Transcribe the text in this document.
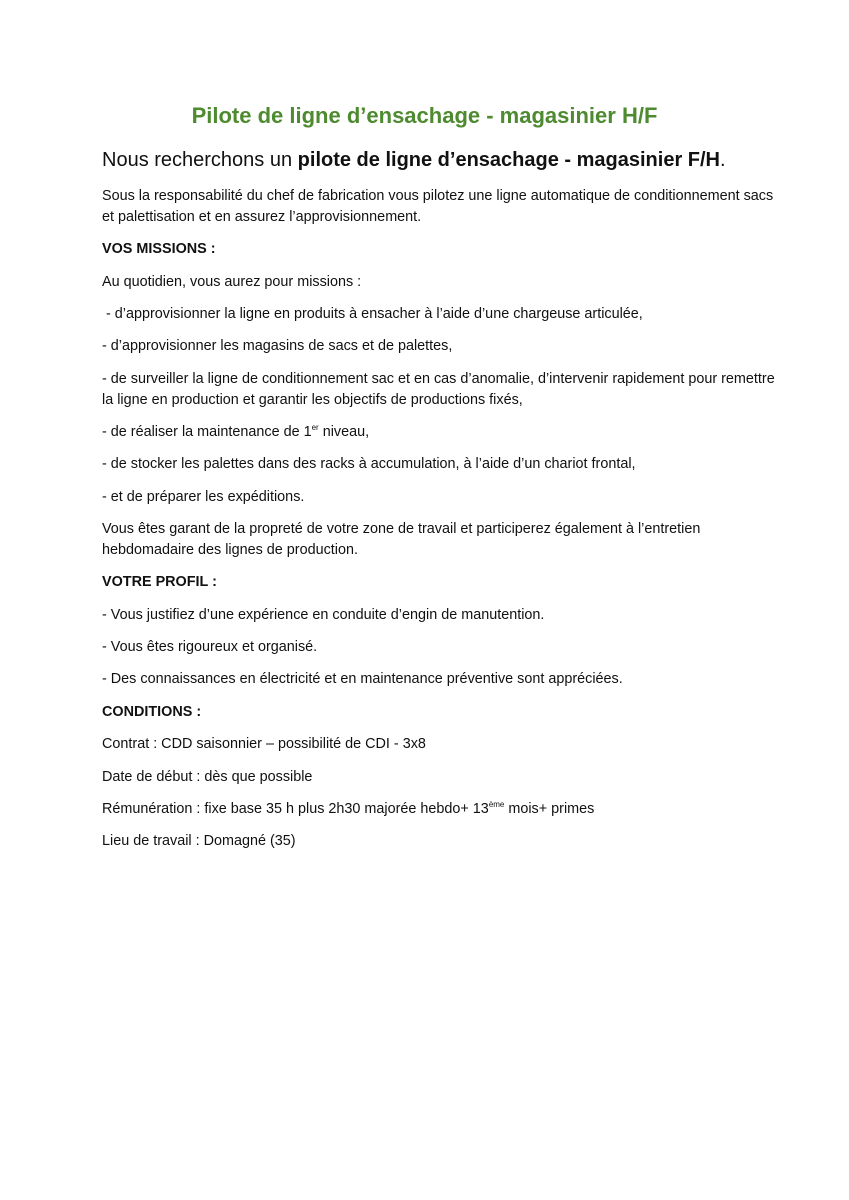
Pilote de ligne d’ensachage - magasinier H/F
Nous recherchons un pilote de ligne d’ensachage - magasinier F/H.

Sous la responsabilité du chef de fabrication vous pilotez une ligne automatique de conditionnement sacs et palettisation et en assurez l’approvisionnement.

VOS MISSIONS :

Au quotidien, vous aurez pour missions :

- d’approvisionner la ligne en produits à ensacher à l’aide d’une chargeuse articulée,

- d’approvisionner les magasins de sacs et de palettes,

- de surveiller la ligne de conditionnement sac et en cas d’anomalie, d’intervenir rapidement pour remettre la ligne en production et garantir les objectifs de productions fixés,

- de réaliser la maintenance de 1er niveau,

- de stocker les palettes dans des racks à accumulation, à l’aide d’un chariot frontal,

- et de préparer les expéditions.

Vous êtes garant de la propreté de votre zone de travail et participerez également à l’entretien hebdomadaire des lignes de production.

VOTRE PROFIL :

- Vous justifiez d’une expérience en conduite d’engin de manutention.

- Vous êtes rigoureux et organisé.

- Des connaissances en électricité et en maintenance préventive sont appréciées.

CONDITIONS :

Contrat : CDD saisonnier – possibilité de CDI - 3x8

Date de début : dès que possible

Rémunération : fixe base 35 h plus 2h30 majorée hebdo+ 13ème mois+ primes

Lieu de travail : Domagné (35)
